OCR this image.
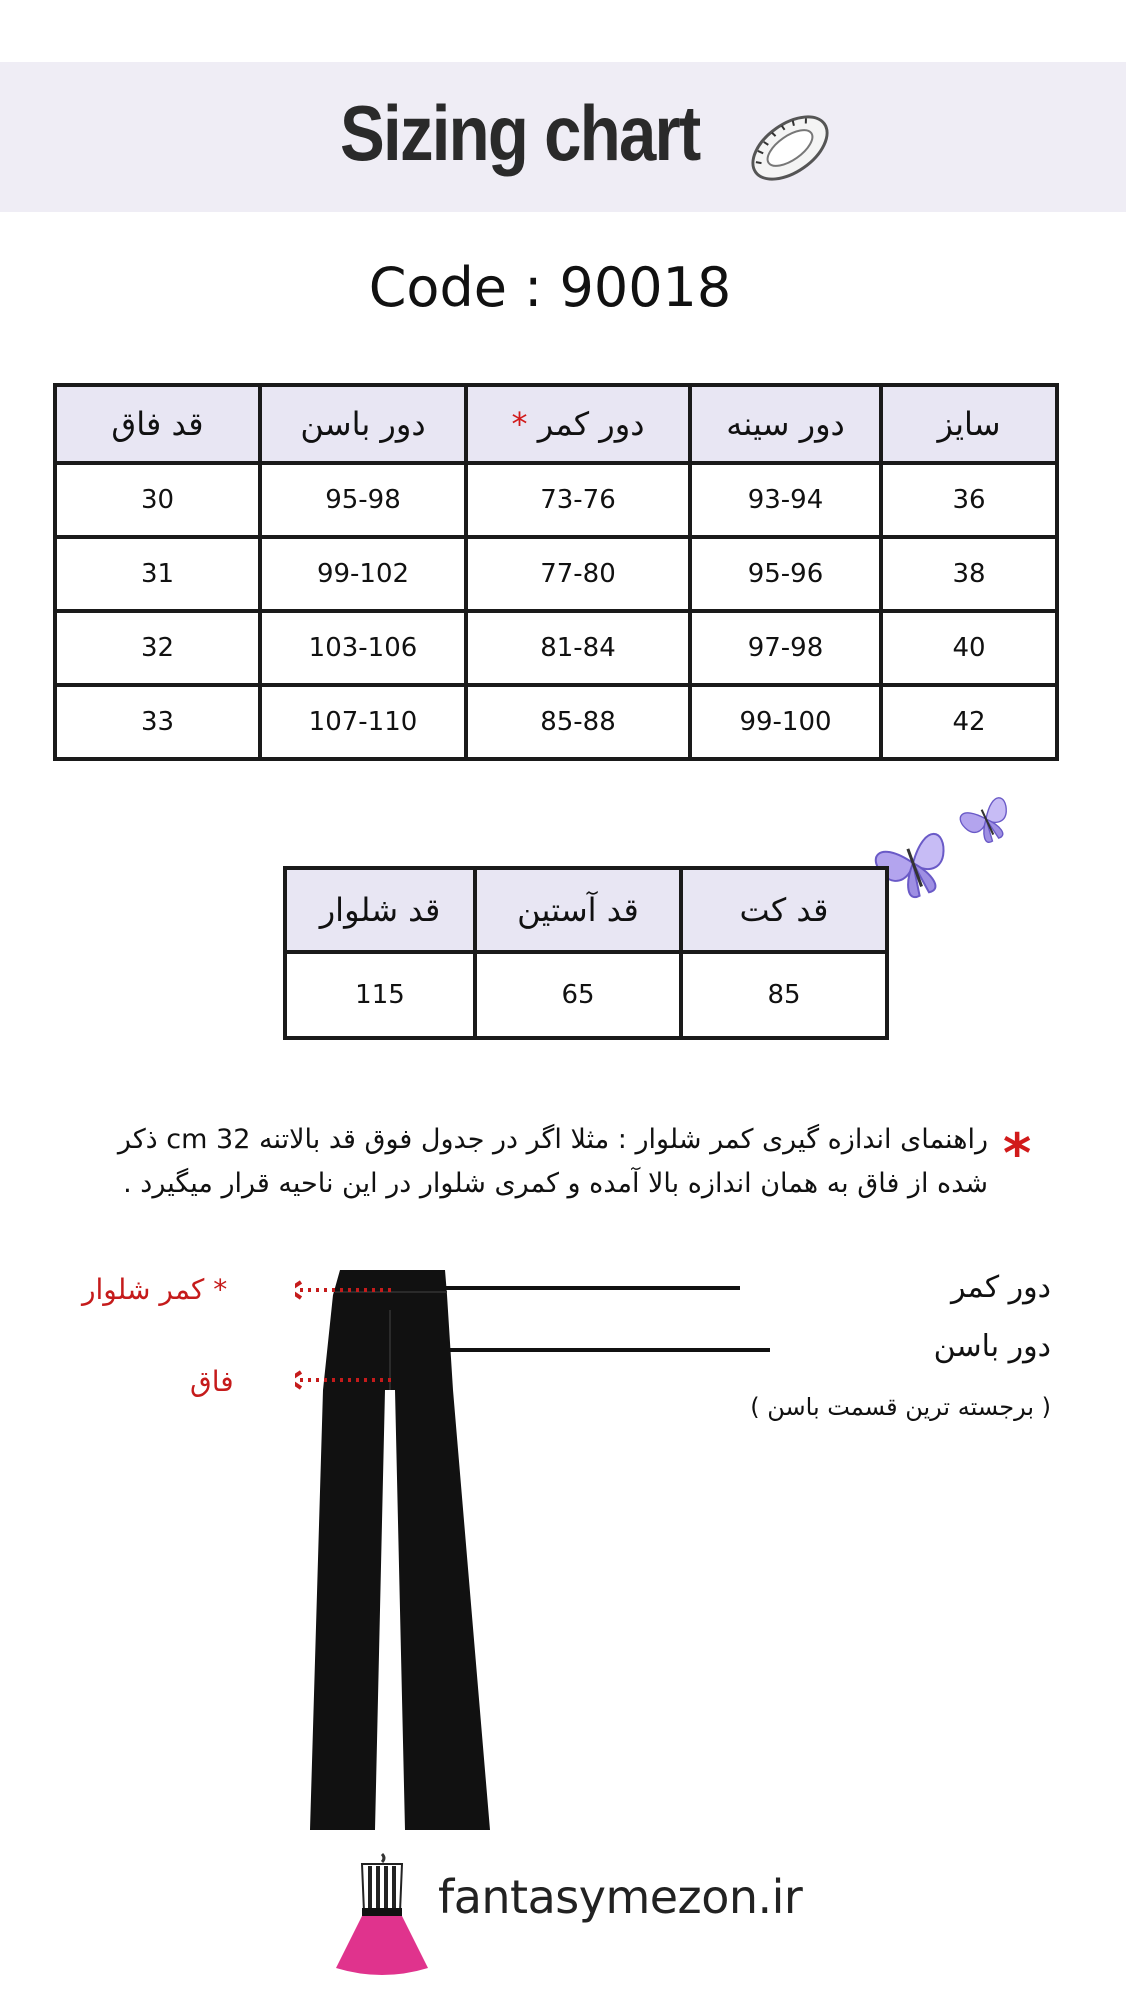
Sizing chart
Code : 90018
سایز	دور سینه	دور کمر *	دور باسن	قد فاق
36	93-94	73-76	95-98	30
38	95-96	77-80	99-102	31
40	97-98	81-84	103-106	32
42	99-100	85-88	107-110	33
قد کت	قد آستین	قد شلوار
85	65	115
*
راهنمای اندازه گیری کمر شلوار : مثلا اگر در جدول فوق قد بالاتنه 32 cm ذکر
شده از فاق به همان اندازه بالا آمده و کمری شلوار در این ناحیه قرار میگیرد .
دور کمر
دور باسن
( برجسته ترین قسمت باسن )
* کمر شلوار
فاق
fantasymezon.ir
